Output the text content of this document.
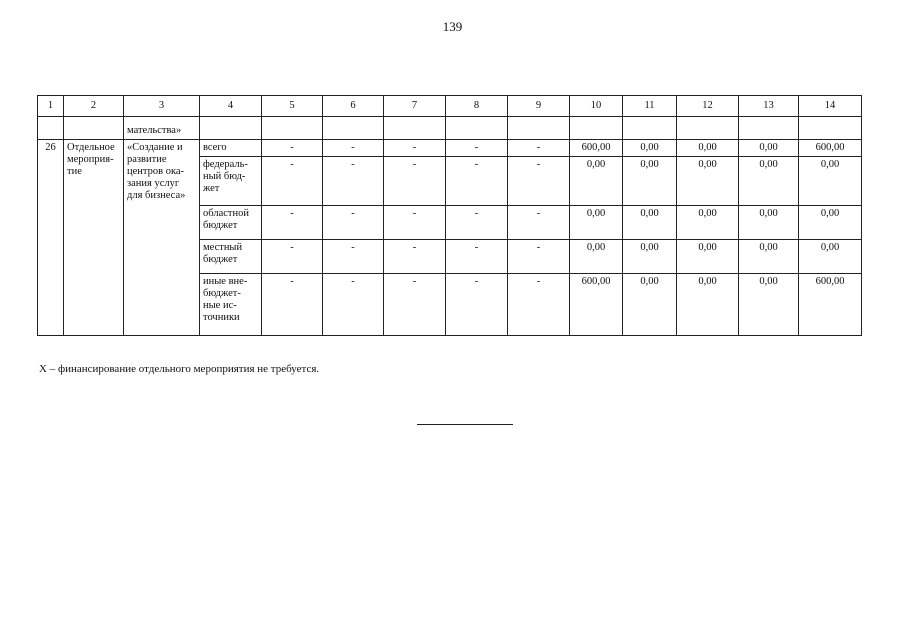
139
1	2	3	4	5	6	7	8	9	10	11	12	13	14
		мательства»											
26	Отдельное мероприя-тие	«Создание и развитие центров ока-зания услуг для бизнеса»	всего	-	-	-	-	-	600,00	0,00	0,00	0,00	600,00
			федераль-ный бюд-жет	-	-	-	-	-	0,00	0,00	0,00	0,00	0,00
			областной бюджет	-	-	-	-	-	0,00	0,00	0,00	0,00	0,00
			местный бюджет	-	-	-	-	-	0,00	0,00	0,00	0,00	0,00
			иные вне-бюджет-ные ис-точники	-	-	-	-	-	600,00	0,00	0,00	0,00	600,00
Х – финансирование отдельного мероприятия не требуется.
